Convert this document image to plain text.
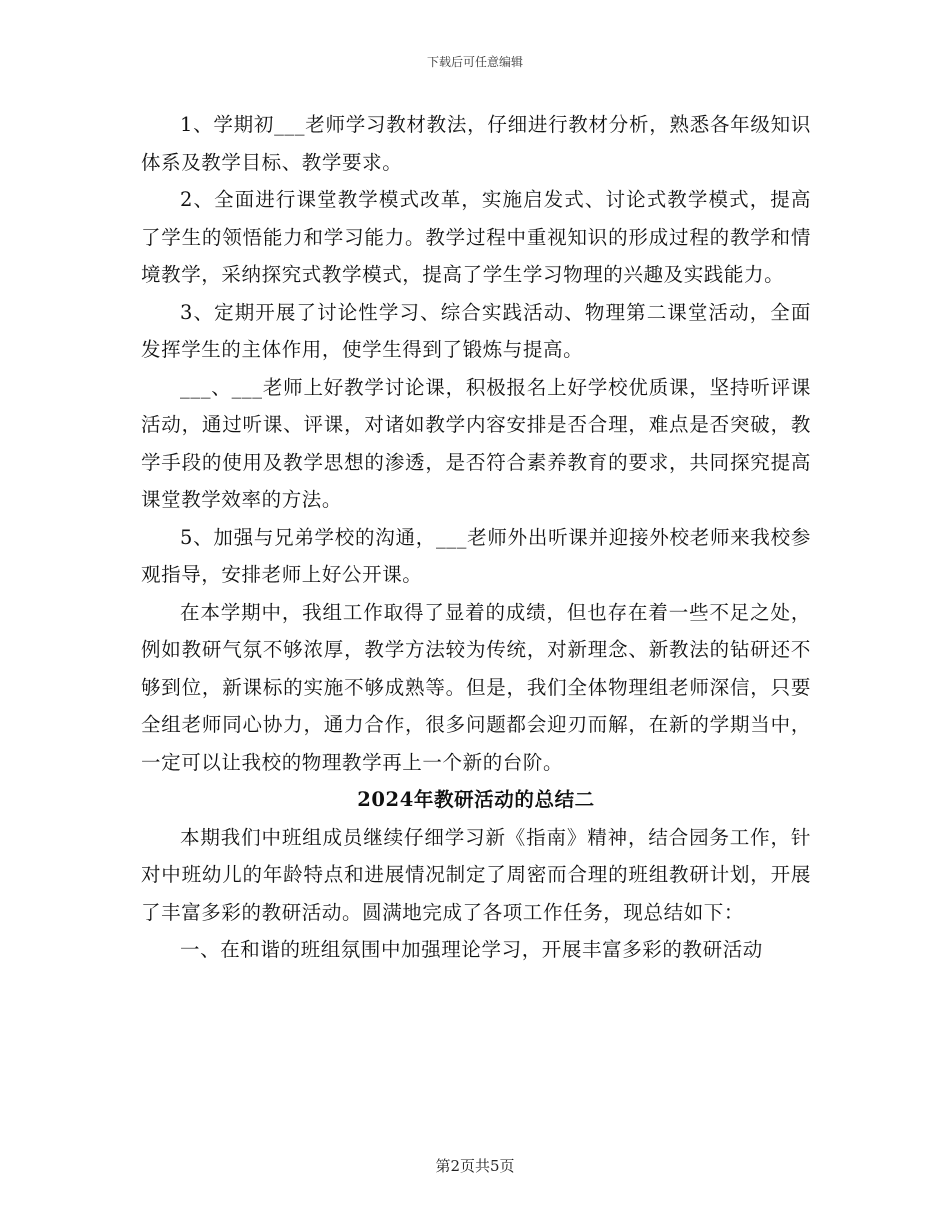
下载后可任意编辑

1、学期初___老师学习教材教法，仔细进行教材分析，熟悉各年级知识体系及教学目标、教学要求。

2、全面进行课堂教学模式改革，实施启发式、讨论式教学模式，提高了学生的领悟能力和学习能力。教学过程中重视知识的形成过程的教学和情境教学，采纳探究式教学模式，提高了学生学习物理的兴趣及实践能力。

3、定期开展了讨论性学习、综合实践活动、物理第二课堂活动，全面发挥学生的主体作用，使学生得到了锻炼与提高。

___、___老师上好教学讨论课，积极报名上好学校优质课，坚持听评课活动，通过听课、评课，对诸如教学内容安排是否合理，难点是否突破，教学手段的使用及教学思想的渗透，是否符合素养教育的要求，共同探究提高课堂教学效率的方法。

5、加强与兄弟学校的沟通，___老师外出听课并迎接外校老师来我校参观指导，安排老师上好公开课。

在本学期中，我组工作取得了显着的成绩，但也存在着一些不足之处，例如教研气氛不够浓厚，教学方法较为传统，对新理念、新教法的钻研还不够到位，新课标的实施不够成熟等。但是，我们全体物理组老师深信，只要全组老师同心协力，通力合作，很多问题都会迎刃而解，在新的学期当中，一定可以让我校的物理教学再上一个新的台阶。

2024年教研活动的总结二

本期我们中班组成员继续仔细学习新《指南》精神，结合园务工作，针对中班幼儿的年龄特点和进展情况制定了周密而合理的班组教研计划，开展了丰富多彩的教研活动。圆满地完成了各项工作任务，现总结如下：

一、在和谐的班组氛围中加强理论学习，开展丰富多彩的教研活动

第2页共5页
